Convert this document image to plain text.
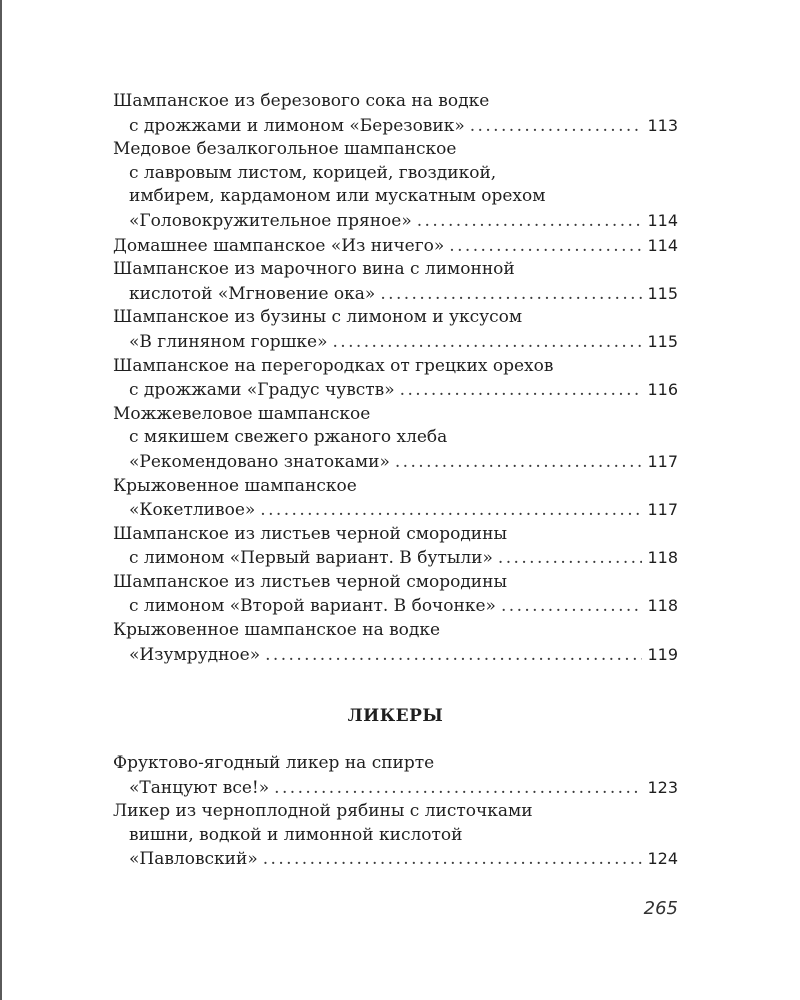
Шампанское из березового сока на водке
с дрожжами и лимоном «Березовик» . . .	113
Медовое безалкогольное шампанское
с лавровым листом, корицей, гвоздикой,
имбирем, кардамоном или мускатным орехом
«Головокружительное пряное» . . .	114
Домашнее шампанское «Из ничего» . . .	114
Шампанское из марочного вина с лимонной
кислотой «Мгновение ока» . . .	115
Шампанское из бузины с лимоном и уксусом
«В глиняном горшке» . . .	115
Шампанское на перегородках от грецких орехов
с дрожжами «Градус чувств» . . .	116
Можжевеловое шампанское
с мякишем свежего ржаного хлеба
«Рекомендовано знатоками» . . .	117
Крыжовенное шампанское
«Кокетливое» . . .	117
Шампанское из листьев черной смородины
с лимоном «Первый вариант. В бутыли» . . .	118
Шампанское из листьев черной смородины
с лимоном «Второй вариант. В бочонке» . . .	118
Крыжовенное шампанское на водке
«Изумрудное» . . .	119
ЛИКЕРЫ
Фруктово-ягодный ликер на спирте
«Танцуют все!» . . .	123
Ликер из черноплодной рябины с листочками
вишни, водкой и лимонной кислотой
«Павловский» . . .	124
265
